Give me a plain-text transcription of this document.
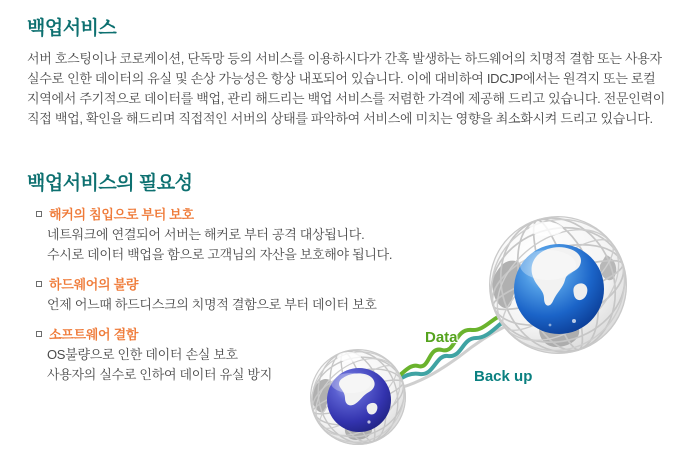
백업서비스
서버 호스팅이나 코로케이션, 단독망 등의 서비스를 이용하시다가 간혹 발생하는 하드웨어의 치명적 결함 또는 사용자
실수로 인한 데이터의 유실 및 손상 가능성은 항상 내포되어 있습니다. 이에 대비하여 IDCJP에서는 원격지 또는 로컬
지역에서 주기적으로 데이터를 백업, 관리 해드리는 백업 서비스를 저렴한 가격에 제공해 드리고 있습니다. 전문인력이
직접 백업, 확인을 해드리며 직접적인 서버의 상태를 파악하여 서비스에 미치는 영향을 최소화시켜 드리고 있습니다.
백업서비스의 필요성
해커의 침입으로 부터 보호
네트워크에 연결되어 서버는 해커로 부터 공격 대상됩니다.
수시로 데이터 백업을 함으로 고객님의 자산을 보호해야 됩니다.
하드웨어의 불량
언제 어느때 하드디스크의 치명적 결함으로 부터 데이터 보호
소프트웨어 결함
OS불량으로 인한 데이터 손실 보호
사용자의 실수로 인하여 데이터 유실 방지
Data
Back up
